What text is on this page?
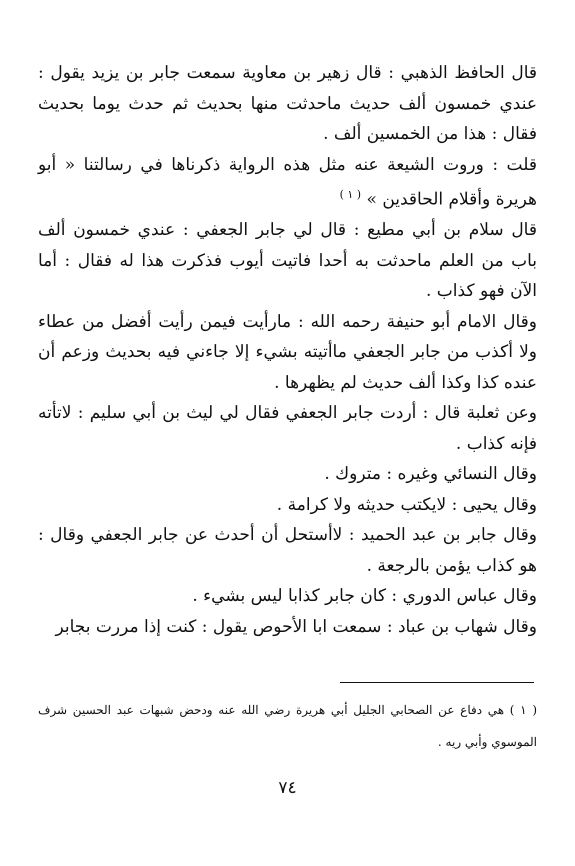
قال الحافظ الذهبي : قال زهير بن معاوية سمعت جابر بن يزيد يقول : عندي خمسون ألف حديث ماحدثت منها بحديث ثم حدث يوما بحديث فقال : هذا من الخمسين ألف .

قلت : وروت الشيعة عنه مثل هذه الرواية ذكرناها في رسالتنا « أبو هريرة وأقلام الحاقدين » $^{( ١ )}$

قال سلام بن أبي مطيع : قال لي جابر الجعفي : عندي خمسون ألف باب من العلم ماحدثت به أحدا فاتيت أيوب فذكرت هذا له فقال : أما الآن فهو كذاب .

وقال الامام أبو حنيفة رحمه الله : مارأيت فيمن رأيت أفضل من عطاء ولا أكذب من جابر الجعفي ماأتيته بشيء إلا جاءني فيه بحديث وزعم أن عنده كذا وكذا ألف حديث لم يظهرها .

وعن ثعلبة قال : أردت جابر الجعفي فقال لي ليث بن أبي سليم : لاتأته فإنه كذاب .

وقال النسائي وغيره : متروك .

وقال يحيى : لايكتب حديثه ولا كرامة .

وقال جابر بن عبد الحميد : لاأستحل أن أحدث عن جابر الجعفي وقال : هو كذاب يؤمن بالرجعة .

وقال عباس الدوري : كان جابر كذابا ليس بشيء .

وقال شهاب بن عباد : سمعت ابا الأحوص يقول : كنت إذا مررت بجابر

( ١ ) هي دفاع عن الصحابي الجليل أبي هريرة رضي الله عنه ودحض شبهات عبد الحسين شرف الموسوي وأبي ريه .

٧٤
